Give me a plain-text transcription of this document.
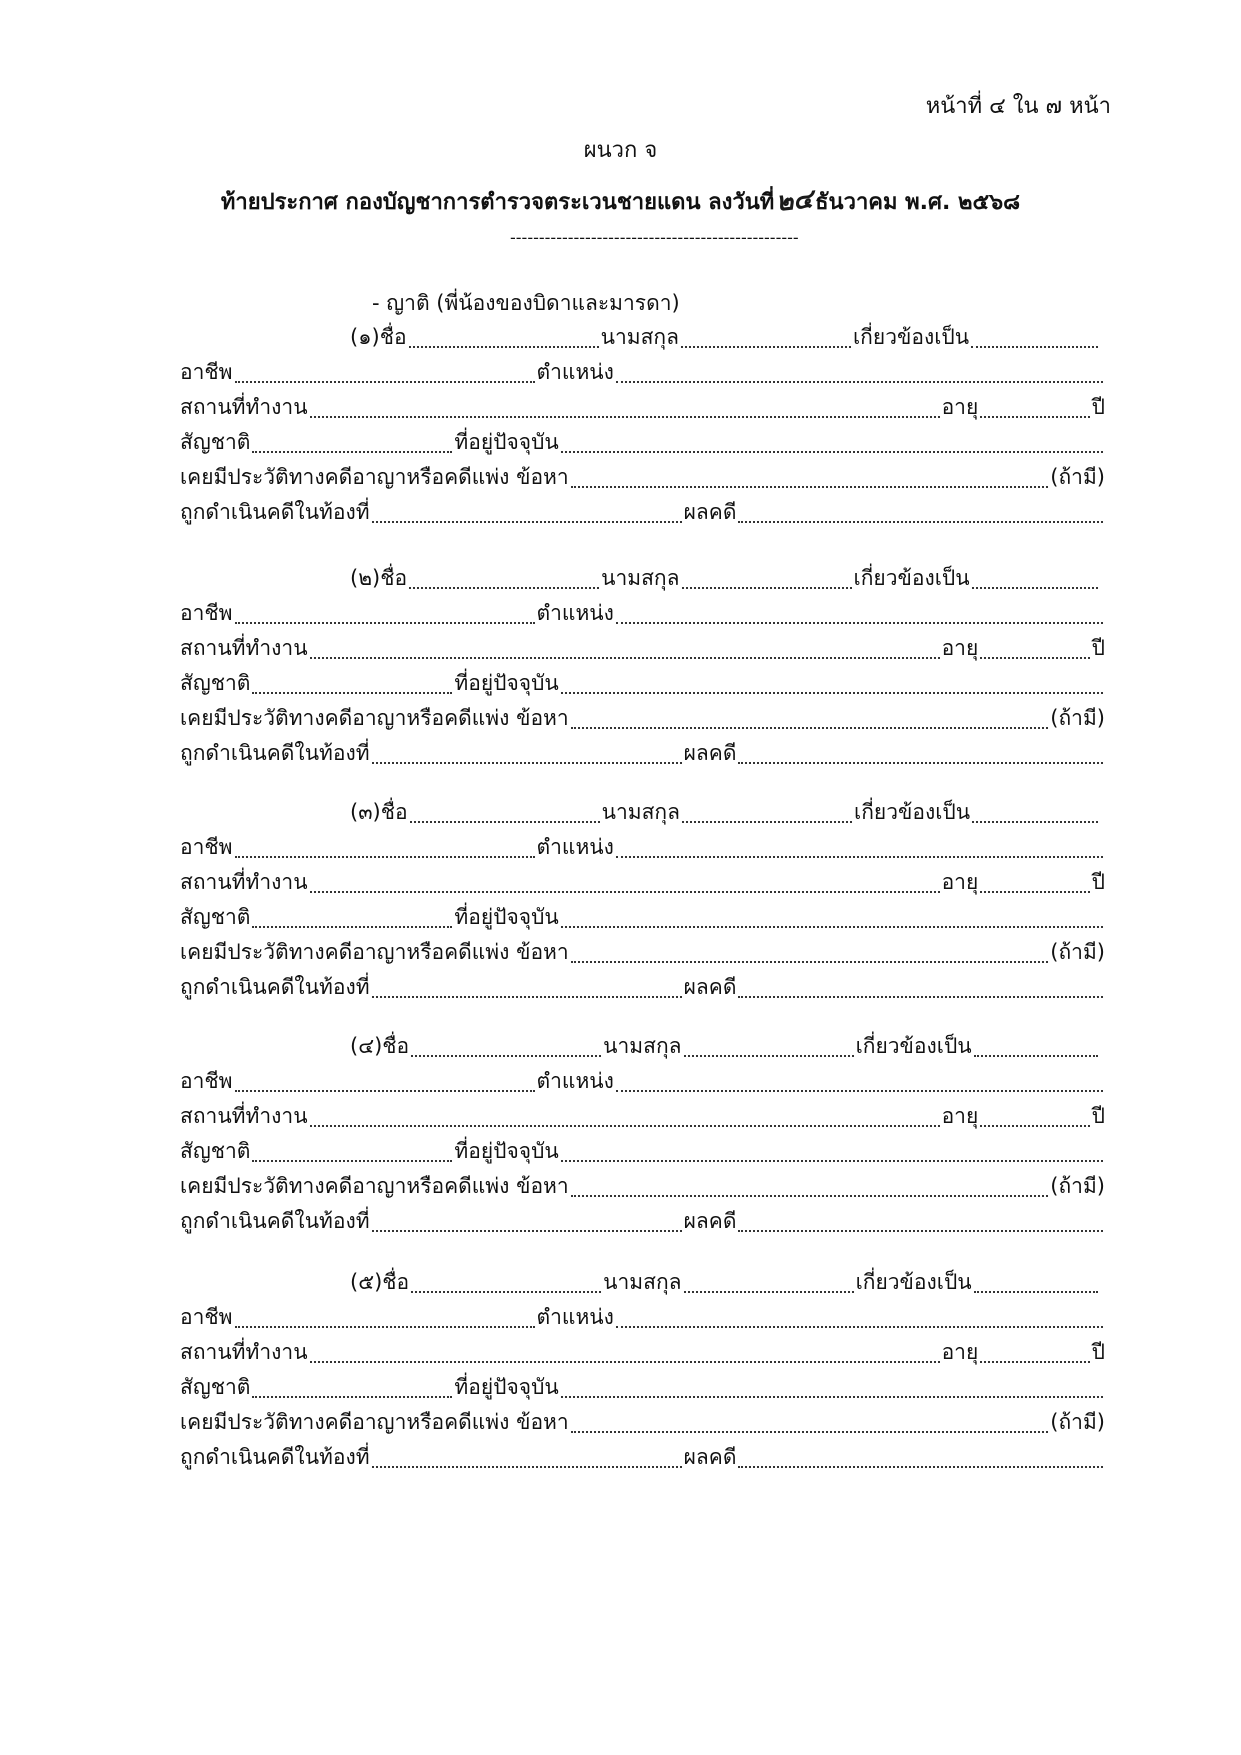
หน้าที่ ๔ ใน ๗ หน้า
ผนวก จ
ท้ายประกาศ กองบัญชาการตำรวจตระเวนชายแดน ลงวันที่๒๔ธันวาคม พ.ศ. ๒๕๖๘
--------------------------------------------------
- ญาติ (พี่น้องของบิดาและมารดา)
(๑) ชื่อ	นามสกุล	เกี่ยวข้องเป็น
อาชีพ	ตำแหน่ง
สถานที่ทำงาน	อายุ	ปี
สัญชาติ	ที่อยู่ปัจจุบัน
เคยมีประวัติทางคดีอาญาหรือคดีแพ่ง ข้อหา	(ถ้ามี)
ถูกดำเนินคดีในท้องที่	ผลคดี
(๒) ชื่อ	นามสกุล	เกี่ยวข้องเป็น
อาชีพ	ตำแหน่ง
สถานที่ทำงาน	อายุ	ปี
สัญชาติ	ที่อยู่ปัจจุบัน
เคยมีประวัติทางคดีอาญาหรือคดีแพ่ง ข้อหา	(ถ้ามี)
ถูกดำเนินคดีในท้องที่	ผลคดี
(๓) ชื่อ	นามสกุล	เกี่ยวข้องเป็น
อาชีพ	ตำแหน่ง
สถานที่ทำงาน	อายุ	ปี
สัญชาติ	ที่อยู่ปัจจุบัน
เคยมีประวัติทางคดีอาญาหรือคดีแพ่ง ข้อหา	(ถ้ามี)
ถูกดำเนินคดีในท้องที่	ผลคดี
(๔) ชื่อ	นามสกุล	เกี่ยวข้องเป็น
อาชีพ	ตำแหน่ง
สถานที่ทำงาน	อายุ	ปี
สัญชาติ	ที่อยู่ปัจจุบัน
เคยมีประวัติทางคดีอาญาหรือคดีแพ่ง ข้อหา	(ถ้ามี)
ถูกดำเนินคดีในท้องที่	ผลคดี
(๕) ชื่อ	นามสกุล	เกี่ยวข้องเป็น
อาชีพ	ตำแหน่ง
สถานที่ทำงาน	อายุ	ปี
สัญชาติ	ที่อยู่ปัจจุบัน
เคยมีประวัติทางคดีอาญาหรือคดีแพ่ง ข้อหา	(ถ้ามี)
ถูกดำเนินคดีในท้องที่	ผลคดี
